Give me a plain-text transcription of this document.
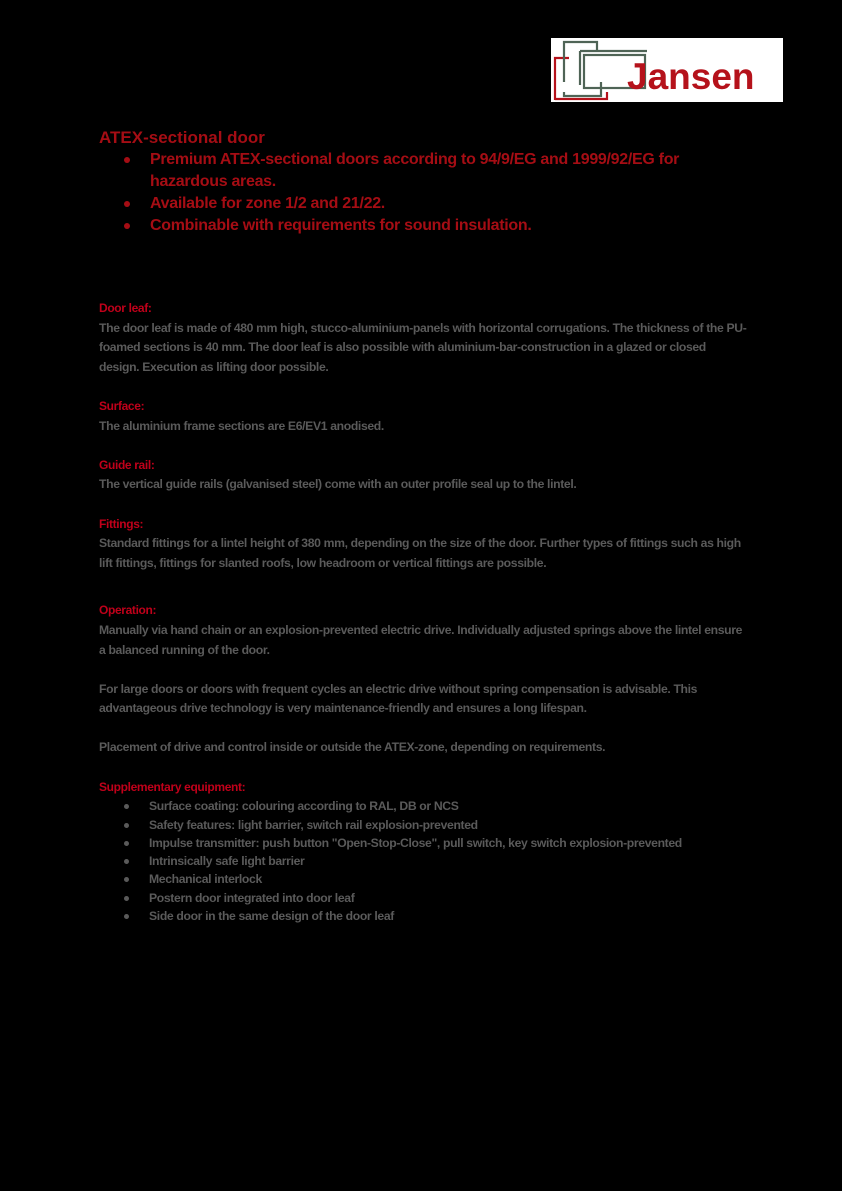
Jansen
ATEX-sectional door
Premium ATEX-sectional doors according to 94/9/EG and 1999/92/EG for hazardous areas.
Available for zone 1/2 and 21/22.
Combinable with requirements for sound insulation.

Door leaf:

The door leaf is made of 480 mm high, stucco-aluminium-panels with horizontal corrugations. The thickness of the PU-foamed sections is 40 mm. The door leaf is also possible with aluminium-bar-construction in a glazed or closed design. Execution as lifting door possible.

Surface:

The aluminium frame sections are E6/EV1 anodised.

Guide rail:

The vertical guide rails (galvanised steel) come with an outer profile seal up to the lintel.

Fittings:

Standard fittings for a lintel height of 380 mm, depending on the size of the door. Further types of fittings such as high lift fittings, fittings for slanted roofs, low headroom or vertical fittings are possible.

Operation:

Manually via hand chain or an explosion-prevented electric drive. Individually adjusted springs above the lintel ensure a balanced running of the door.

For large doors or doors with frequent cycles an electric drive without spring compensation is advisable. This advantageous drive technology is very maintenance-friendly and ensures a long lifespan.

Placement of drive and control inside or outside the ATEX-zone, depending on requirements.

Supplementary equipment:

Surface coating: colouring according to RAL, DB or NCS
Safety features: light barrier, switch rail explosion-prevented
Impulse transmitter: push button "Open-Stop-Close", pull switch, key switch explosion-prevented
Intrinsically safe light barrier
Mechanical interlock
Postern door integrated into door leaf
Side door in the same design of the door leaf
